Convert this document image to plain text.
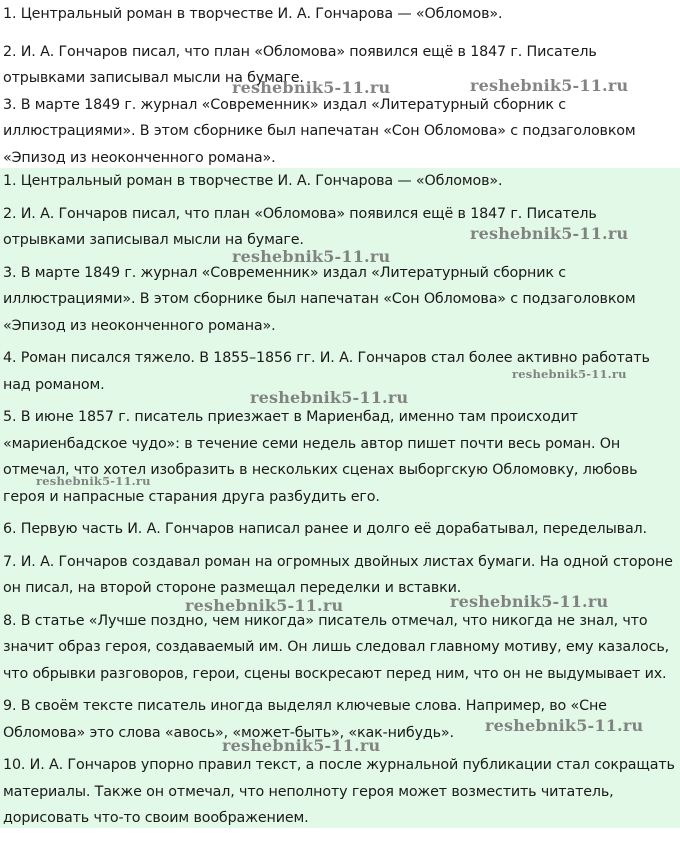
1. Центральный роман в творчестве И. А. Гончарова — «Обломов».

2. И. А. Гончаров писал, что план «Обломова» появился ещё в 1847 г. Писатель отрывками записывал мысли на бумаге.

3. В марте 1849 г. журнал «Современник» издал «Литературный сборник с иллюстрациями». В этом сборнике был напечатан «Сон Обломова» с подзаголовком «Эпизод из неоконченного романа».

1. Центральный роман в творчестве И. А. Гончарова — «Обломов».

2. И. А. Гончаров писал, что план «Обломова» появился ещё в 1847 г. Писатель отрывками записывал мысли на бумаге.

3. В марте 1849 г. журнал «Современник» издал «Литературный сборник с иллюстрациями». В этом сборнике был напечатан «Сон Обломова» с подзаголовком «Эпизод из неоконченного романа».

4. Роман писался тяжело. В 1855–1856 гг. И. А. Гончаров стал более активно работать над романом.

5. В июне 1857 г. писатель приезжает в Мариенбад, именно там происходит «мариенбадское чудо»: в течение семи недель автор пишет почти весь роман. Он отмечал, что хотел изобразить в нескольких сценах выборгскую Обломовку, любовь героя и напрасные старания друга разбудить его.

6. Первую часть И. А. Гончаров написал ранее и долго её дорабатывал, переделывал.

7. И. А. Гончаров создавал роман на огромных двойных листах бумаги. На одной стороне он писал, на второй стороне размещал переделки и вставки.

8. В статье «Лучше поздно, чем никогда» писатель отмечал, что никогда не знал, что значит образ героя, создаваемый им. Он лишь следовал главному мотиву, ему казалось, что обрывки разговоров, герои, сцены воскресают перед ним, что он не выдумывает их.

9. В своём тексте писатель иногда выделял ключевые слова. Например, во «Сне Обломова» это слова «авось», «может-быть», «как-нибудь».

10. И. А. Гончаров упорно правил текст, а после журнальной публикации стал сокращать материалы. Также он отмечал, что неполноту героя может возместить читатель, дорисовать что-то своим воображением.

reshebnik5-11.ru	reshebnik5-11.ru
reshebnik5-11.ru
reshebnik5-11.ru
reshebnik5-11.ru
reshebnik5-11.ru
reshebnik5-11.ru
reshebnik5-11.ru	reshebnik5-11.ru
reshebnik5-11.ru
reshebnik5-11.ru
